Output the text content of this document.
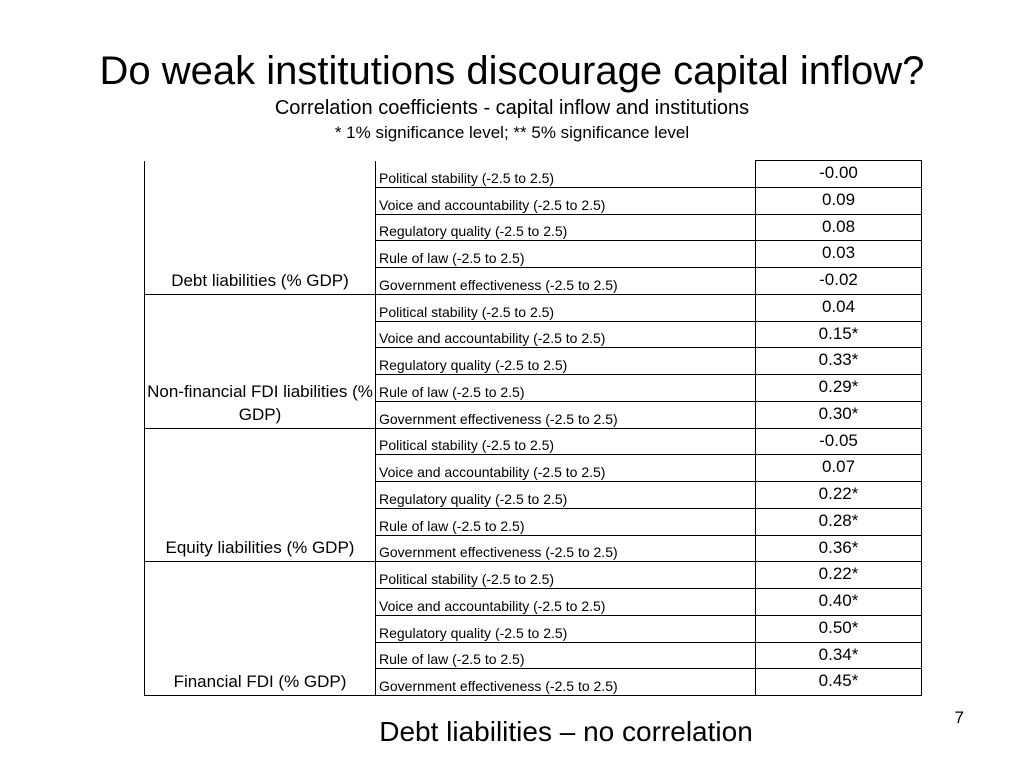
Do weak institutions discourage capital inflow?
Correlation coefficients - capital inflow and institutions
* 1% significance level; ** 5% significance level
Debt liabilities (% GDP)	Political stability (-2.5 to 2.5)	-0.00
	Voice and accountability (-2.5 to 2.5)	0.09
	Regulatory quality (-2.5 to 2.5)	0.08
	Rule of law (-2.5 to 2.5)	0.03
	Government effectiveness (-2.5 to 2.5)	-0.02
Non-financial FDI liabilities (% GDP)	Political stability (-2.5 to 2.5)	0.04
	Voice and accountability (-2.5 to 2.5)	0.15*
	Regulatory quality (-2.5 to 2.5)	0.33*
	Rule of law (-2.5 to 2.5)	0.29*
	Government effectiveness (-2.5 to 2.5)	0.30*
Equity liabilities (% GDP)	Political stability (-2.5 to 2.5)	-0.05
	Voice and accountability (-2.5 to 2.5)	0.07
	Regulatory quality (-2.5 to 2.5)	0.22*
	Rule of law (-2.5 to 2.5)	0.28*
	Government effectiveness (-2.5 to 2.5)	0.36*
Financial FDI (% GDP)	Political stability (-2.5 to 2.5)	0.22*
	Voice and accountability (-2.5 to 2.5)	0.40*
	Regulatory quality (-2.5 to 2.5)	0.50*
	Rule of law (-2.5 to 2.5)	0.34*
	Government effectiveness (-2.5 to 2.5)	0.45*
Debt liabilities – no correlation	7
